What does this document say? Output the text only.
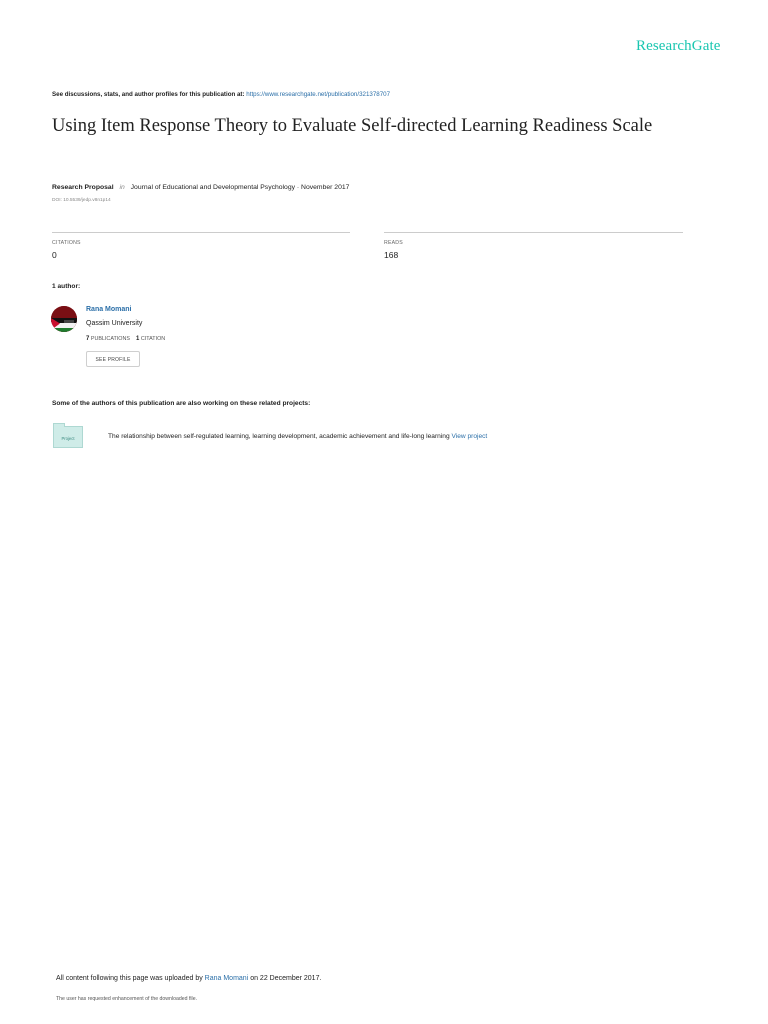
ResearchGate
See discussions, stats, and author profiles for this publication at: https://www.researchgate.net/publication/321378707
Using Item Response Theory to Evaluate Self-directed Learning Readiness Scale
Research Proposal in Journal of Educational and Developmental Psychology · November 2017
DOI: 10.5539/jedp.v8n1p14
CITATIONS
0
READS
168
1 author:
Rana Momani
Qassim University
7 PUBLICATIONS 1 CITATION
SEE PROFILE
Some of the authors of this publication are also working on these related projects:
Project	The relationship between self-regulated learning, learning development, academic achievement and life-long learning View project
All content following this page was uploaded by Rana Momani on 22 December 2017.
The user has requested enhancement of the downloaded file.
